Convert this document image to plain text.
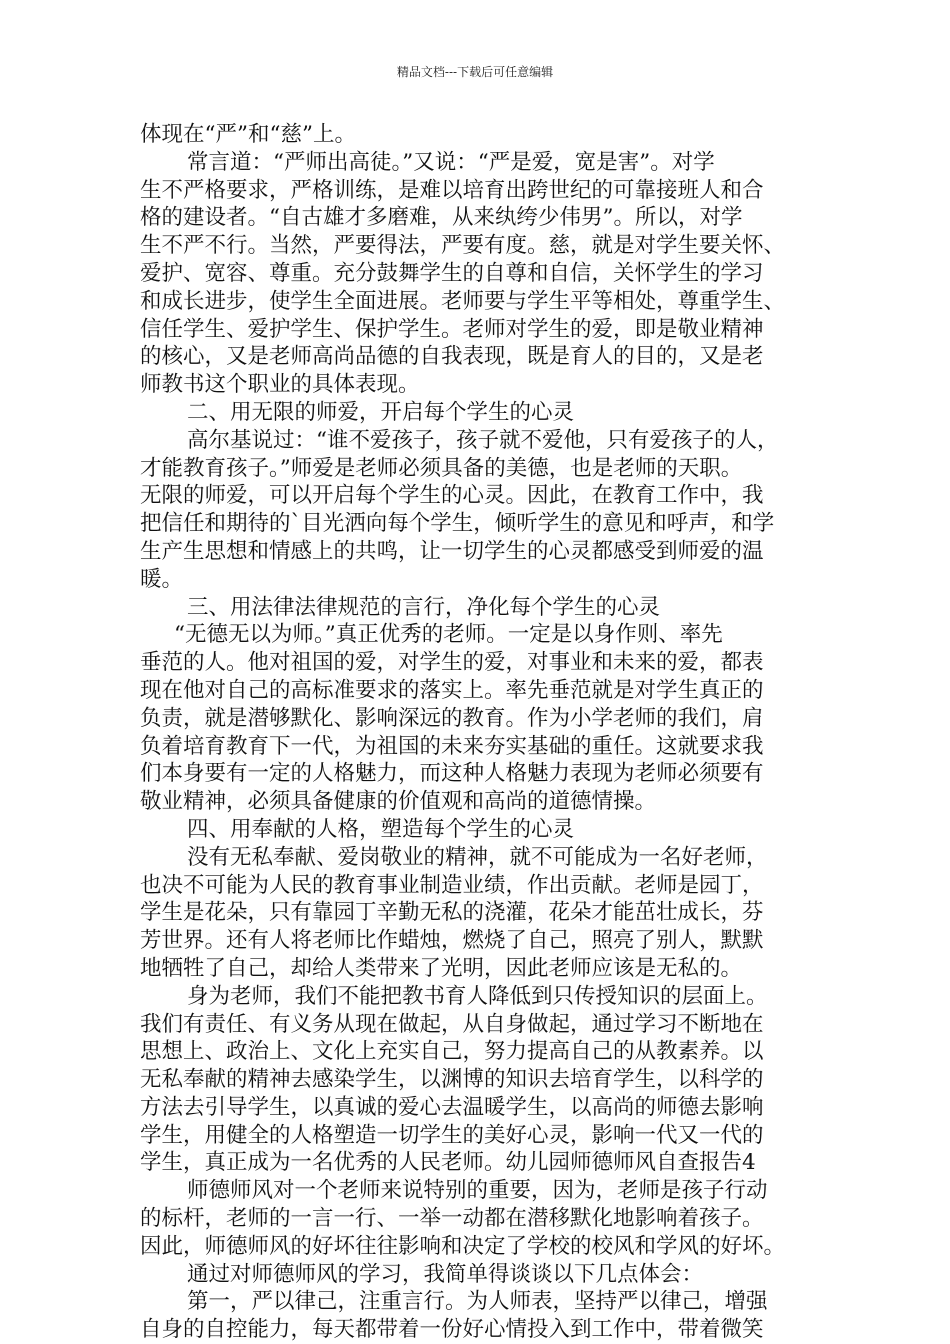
精品文档---下载后可任意编辑
体现在“严”和“慈”上。
常言道：“严师出高徒。”又说：“严是爱，宽是害”。对学
生不严格要求，严格训练，是难以培育出跨世纪的可靠接班人和合
格的建设者。“自古雄才多磨难，从来纨绔少伟男”。所以，对学
生不严不行。当然，严要得法，严要有度。慈，就是对学生要关怀、
爱护、宽容、尊重。充分鼓舞学生的自尊和自信，关怀学生的学习
和成长进步，使学生全面进展。老师要与学生平等相处，尊重学生、
信任学生、爱护学生、保护学生。老师对学生的爱，即是敬业精神
的核心，又是老师高尚品德的自我表现，既是育人的目的，又是老
师教书这个职业的具体表现。
二、用无限的师爱，开启每个学生的心灵
高尔基说过：“谁不爱孩子，孩子就不爱他，只有爱孩子的人，
才能教育孩子。”师爱是老师必须具备的美德，也是老师的天职。
无限的师爱，可以开启每个学生的心灵。因此，在教育工作中，我
把信任和期待的`目光洒向每个学生，倾听学生的意见和呼声，和学
生产生思想和情感上的共鸣，让一切学生的心灵都感受到师爱的温
暖。
三、用法律法律规范的言行，净化每个学生的心灵
“无德无以为师。”真正优秀的老师。一定是以身作则、率先
垂范的人。他对祖国的爱，对学生的爱，对事业和未来的爱，都表
现在他对自己的高标准要求的落实上。率先垂范就是对学生真正的
负责，就是潜够默化、影响深远的教育。作为小学老师的我们，肩
负着培育教育下一代，为祖国的未来夯实基础的重任。这就要求我
们本身要有一定的人格魅力，而这种人格魅力表现为老师必须要有
敬业精神，必须具备健康的价值观和高尚的道德情操。
四、用奉献的人格，塑造每个学生的心灵
没有无私奉献、爱岗敬业的精神，就不可能成为一名好老师，
也决不可能为人民的教育事业制造业绩，作出贡献。老师是园丁，
学生是花朵，只有靠园丁辛勤无私的浇灌，花朵才能茁壮成长，芬
芳世界。还有人将老师比作蜡烛，燃烧了自己，照亮了别人，默默
地牺牲了自己，却给人类带来了光明，因此老师应该是无私的。
身为老师，我们不能把教书育人降低到只传授知识的层面上。
我们有责任、有义务从现在做起，从自身做起，通过学习不断地在
思想上、政治上、文化上充实自己，努力提高自己的从教素养。以
无私奉献的精神去感染学生，以渊博的知识去培育学生，以科学的
方法去引导学生，以真诚的爱心去温暖学生，以高尚的师德去影响
学生，用健全的人格塑造一切学生的美好心灵，影响一代又一代的
学生，真正成为一名优秀的人民老师。幼儿园师德师风自查报告4
师德师风对一个老师来说特别的重要，因为，老师是孩子行动
的标杆，老师的一言一行、一举一动都在潜移默化地影响着孩子。
因此，师德师风的好坏往往影响和决定了学校的校风和学风的好坏。
通过对师德师风的学习，我简单得谈谈以下几点体会：
第一，严以律己，注重言行。为人师表，坚持严以律己，增强
自身的自控能力，每天都带着一份好心情投入到工作中，带着微笑
